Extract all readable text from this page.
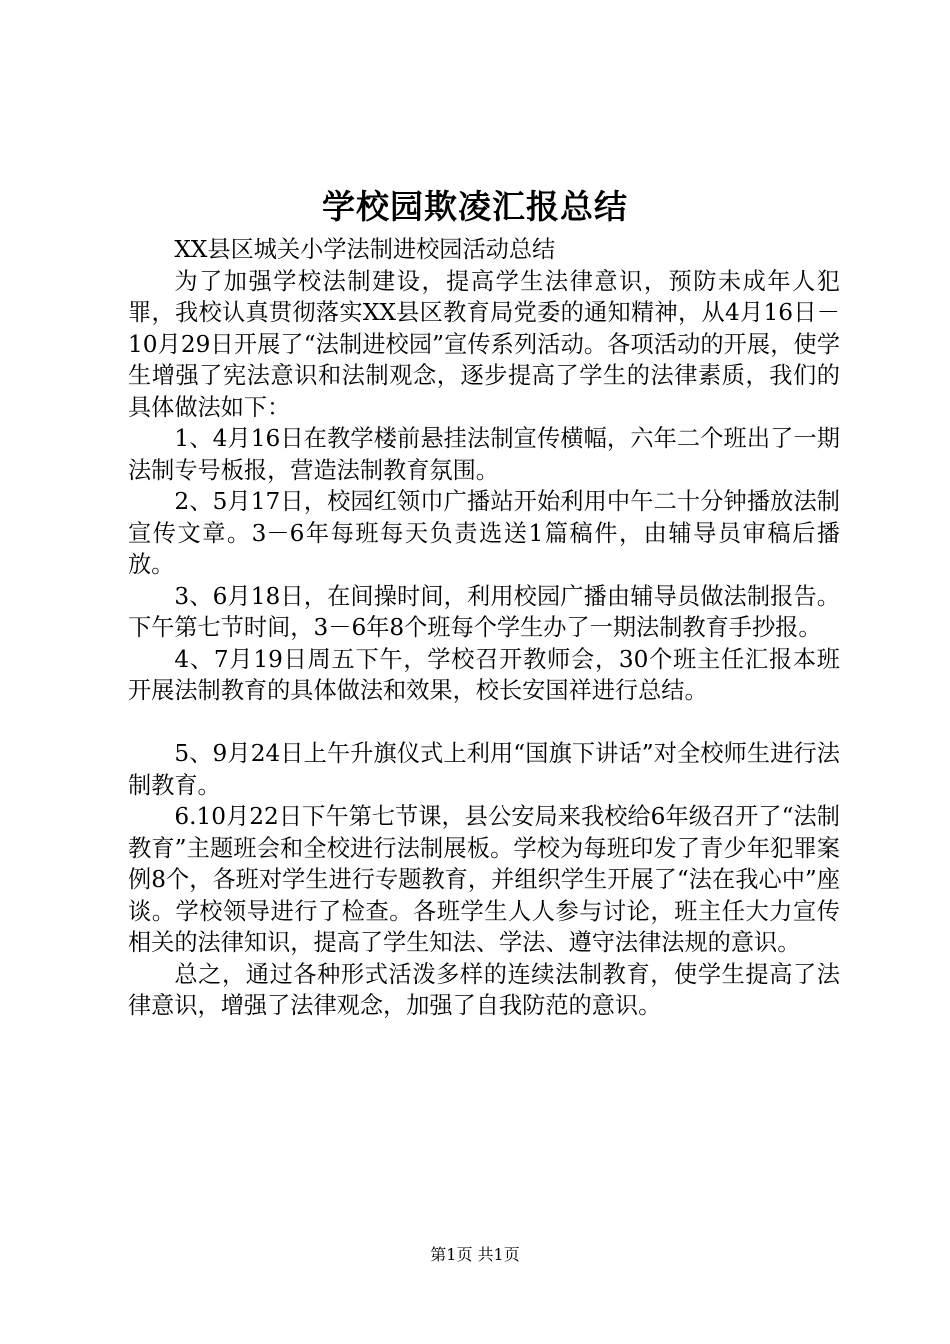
学校园欺凌汇报总结

XX县区城关小学法制进校园活动总结

为了加强学校法制建设，提高学生法律意识，预防未成年人犯罪，我校认真贯彻落实XX县区教育局党委的通知精神，从4月16日－10月29日开展了“法制进校园”宣传系列活动。各项活动的开展，使学生增强了宪法意识和法制观念，逐步提高了学生的法律素质，我们的具体做法如下：

1、4月16日在教学楼前悬挂法制宣传横幅，六年二个班出了一期法制专号板报，营造法制教育氛围。

2、5月17日，校园红领巾广播站开始利用中午二十分钟播放法制宣传文章。3－6年每班每天负责选送1篇稿件，由辅导员审稿后播放。

3、6月18日，在间操时间，利用校园广播由辅导员做法制报告。下午第七节时间，3－6年8个班每个学生办了一期法制教育手抄报。

4、7月19日周五下午，学校召开教师会，30个班主任汇报本班开展法制教育的具体做法和效果，校长安国祥进行总结。

5、9月24日上午升旗仪式上利用“国旗下讲话”对全校师生进行法制教育。

6.10月22日下午第七节课，县公安局来我校给6年级召开了“法制教育”主题班会和全校进行法制展板。学校为每班印发了青少年犯罪案例8个，各班对学生进行专题教育，并组织学生开展了“法在我心中”座谈。学校领导进行了检查。各班学生人人参与讨论，班主任大力宣传相关的法律知识，提高了学生知法、学法、遵守法律法规的意识。

总之，通过各种形式活泼多样的连续法制教育，使学生提高了法律意识，增强了法律观念，加强了自我防范的意识。

第1页 共1页
